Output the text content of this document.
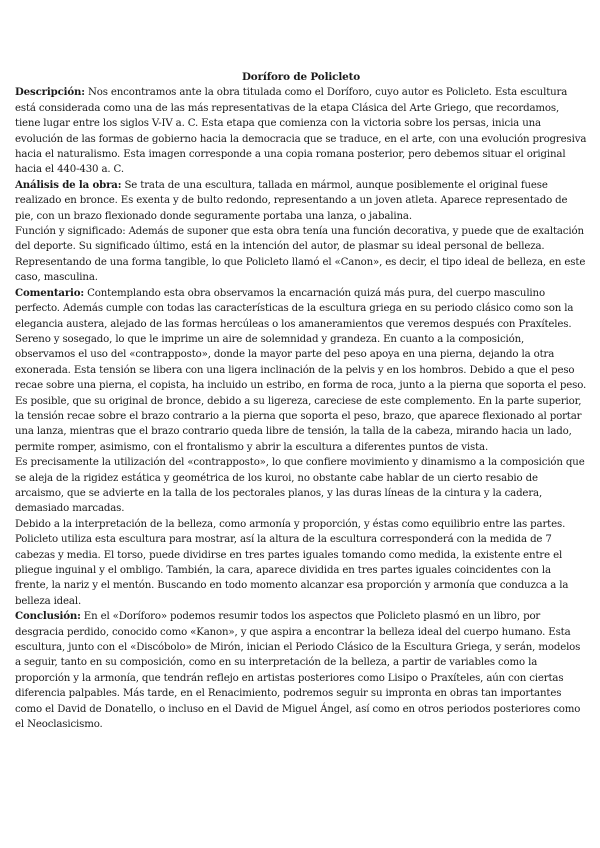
Doríforo de Policleto

Descripción: Nos encontramos ante la obra titulada como el Doríforo, cuyo autor es Policleto. Esta escultura está considerada como una de las más representativas de la etapa Clásica del Arte Griego, que recordamos, tiene lugar entre los siglos V-IV a. C. Esta etapa que comienza con la victoria sobre los persas, inicia una evolución de las formas de gobierno hacia la democracia que se traduce, en el arte, con una evolución progresiva hacia el naturalismo. Esta imagen corresponde a una copia romana posterior, pero debemos situar el original hacia el 440-430 a. C.

Análisis de la obra: Se trata de una escultura, tallada en mármol, aunque posiblemente el original fuese realizado en bronce. Es exenta y de bulto redondo, representando a un joven atleta. Aparece representado de pie, con un brazo flexionado donde seguramente portaba una lanza, o jabalina.

Función y significado: Además de suponer que esta obra tenía una función decorativa, y puede que de exaltación del deporte. Su significado último, está en la intención del autor, de plasmar su ideal personal de belleza. Representando de una forma tangible, lo que Policleto llamó el «Canon», es decir, el tipo ideal de belleza, en este caso, masculina.

Comentario: Contemplando esta obra observamos la encarnación quizá más pura, del cuerpo masculino perfecto. Además cumple con todas las características de la escultura griega en su periodo clásico como son la elegancia austera, alejado de las formas hercúleas o los amaneramientos que veremos después con Praxíteles. Sereno y sosegado, lo que le imprime un aire de solemnidad y grandeza. En cuanto a la composición, observamos el uso del «contrapposto», donde la mayor parte del peso apoya en una pierna, dejando la otra exonerada. Esta tensión se libera con una ligera inclinación de la pelvis y en los hombros. Debido a que el peso recae sobre una pierna, el copista, ha incluido un estribo, en forma de roca, junto a la pierna que soporta el peso. Es posible, que su original de bronce, debido a su ligereza, careciese de este complemento. En la parte superior, la tensión recae sobre el brazo contrario a la pierna que soporta el peso, brazo, que aparece flexionado al portar una lanza, mientras que el brazo contrario queda libre de tensión, la talla de la cabeza, mirando hacia un lado, permite romper, asimismo, con el frontalismo y abrir la escultura a diferentes puntos de vista.

Es precisamente la utilización del «contrapposto», lo que confiere movimiento y dinamismo a la composición que se aleja de la rigidez estática y geométrica de los kuroi, no obstante cabe hablar de un cierto resabio de arcaismo, que se advierte en la talla de los pectorales planos, y las duras líneas de la cintura y la cadera, demasiado marcadas.

Debido a la interpretación de la belleza, como armonía y proporción, y éstas como equilibrio entre las partes. Policleto utiliza esta escultura para mostrar, así la altura de la escultura corresponderá con la medida de 7 cabezas y media. El torso, puede dividirse en tres partes iguales tomando como medida, la existente entre el pliegue inguinal y el ombligo. También, la cara, aparece dividida en tres partes iguales coincidentes con la frente, la nariz y el mentón. Buscando en todo momento alcanzar esa proporción y armonía que conduzca a la belleza ideal.

Conclusión: En el «Doríforo» podemos resumir todos los aspectos que Policleto plasmó en un libro, por desgracia perdido, conocido como «Kanon», y que aspira a encontrar la belleza ideal del cuerpo humano. Esta escultura, junto con el «Discóbolo» de Mirón, inician el Periodo Clásico de la Escultura Griega, y serán, modelos a seguir, tanto en su composición, como en su interpretación de la belleza, a partir de variables como la proporción y la armonía, que tendrán reflejo en artistas posteriores como Lisipo o Praxíteles, aún con ciertas diferencia palpables. Más tarde, en el Renacimiento, podremos seguir su impronta en obras tan importantes como el David de Donatello, o incluso en el David de Miguel Ángel, así como en otros periodos posteriores como el Neoclasicismo.
